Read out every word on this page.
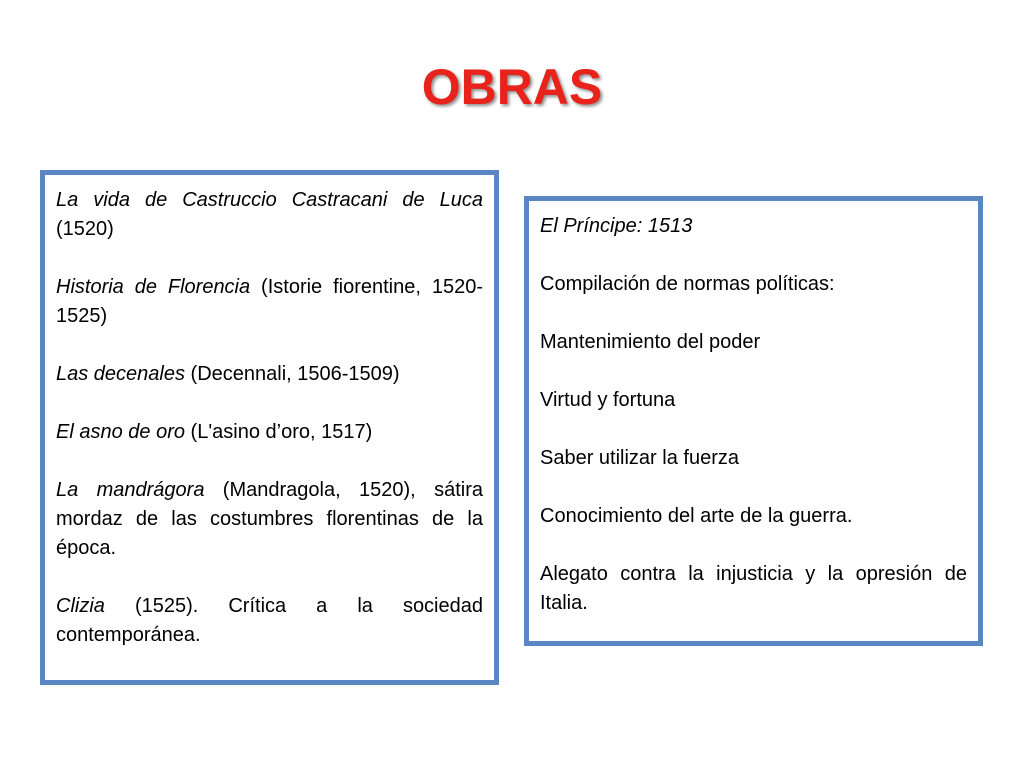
OBRAS

La vida de Castruccio Castracani de Luca (1520)

Historia de Florencia (Istorie fiorentine, 1520-1525)

Las decenales (Decennali, 1506-1509)

El asno de oro (L'asino d’oro, 1517)

La mandrágora (Mandragola, 1520), sátira mordaz de las costumbres florentinas de la época.

Clizia (1525). Crítica a la sociedad contemporánea.

El Príncipe: 1513

Compilación de normas políticas:

Mantenimiento del poder

Virtud y fortuna

Saber utilizar la fuerza

Conocimiento del arte de la guerra.

Alegato contra la injusticia y la opresión de Italia.
